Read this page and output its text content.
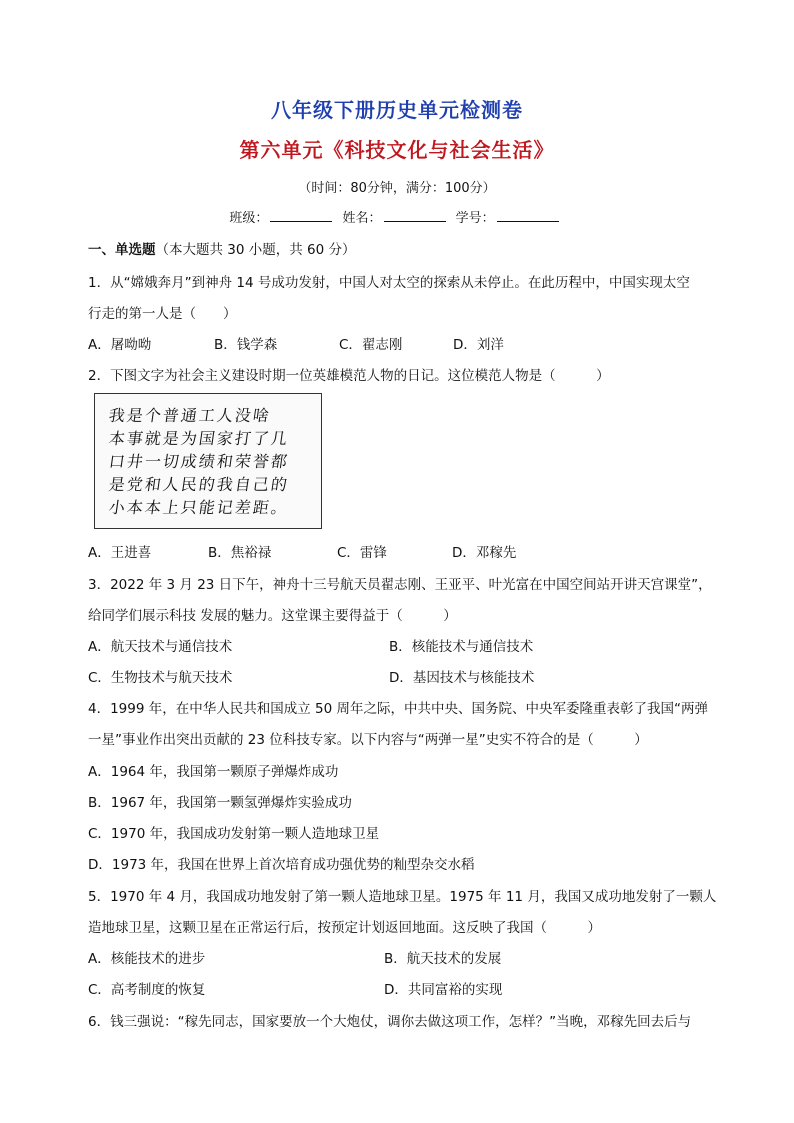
八年级下册历史单元检测卷
第六单元《科技文化与社会生活》
（时间：80分钟，满分：100分）
班级：	姓名：	学号：
一、单选题（本大题共 30 小题，共 60 分）
1．从“嫦娥奔月”到神舟 14 号成功发射，中国人对太空的探索从未停止。在此历程中，中国实现太空
行走的第一人是（　　）
A．屠呦呦	B．钱学森	C．翟志刚	D．刘洋
2．下图文字为社会主义建设时期一位英雄模范人物的日记。这位模范人物是（　　　）
我是个普通工人没啥
本事就是为国家打了几
口井一切成绩和荣誉都
是党和人民的我自己的
小本本上只能记差距。
A．王进喜	B．焦裕禄	C．雷锋	D．邓稼先
3．2022 年 3 月 23 日下午，神舟十三号航天员翟志刚、王亚平、叶光富在中国空间站开讲天宫课堂”，
给同学们展示科技 发展的魅力。这堂课主要得益于（　　　）
A．航天技术与通信技术	B．核能技术与通信技术
C．生物技术与航天技术	D．基因技术与核能技术
4．1999 年，在中华人民共和国成立 50 周年之际，中共中央、国务院、中央军委隆重表彰了我国“两弹
一星”事业作出突出贡献的 23 位科技专家。以下内容与“两弹一星”史实不符合的是（　　　）
A．1964 年，我国第一颗原子弹爆炸成功
B．1967 年，我国第一颗氢弹爆炸实验成功
C．1970 年，我国成功发射第一颗人造地球卫星
D．1973 年，我国在世界上首次培育成功强优势的籼型杂交水稻
5．1970 年 4 月，我国成功地发射了第一颗人造地球卫星。1975 年 11 月，我国又成功地发射了一颗人
造地球卫星，这颗卫星在正常运行后，按预定计划返回地面。这反映了我国（　　　）
A．核能技术的进步	B．航天技术的发展
C．高考制度的恢复	D．共同富裕的实现
6．钱三强说：“稼先同志，国家要放一个大炮仗，调你去做这项工作，怎样？”当晚，邓稼先回去后与
